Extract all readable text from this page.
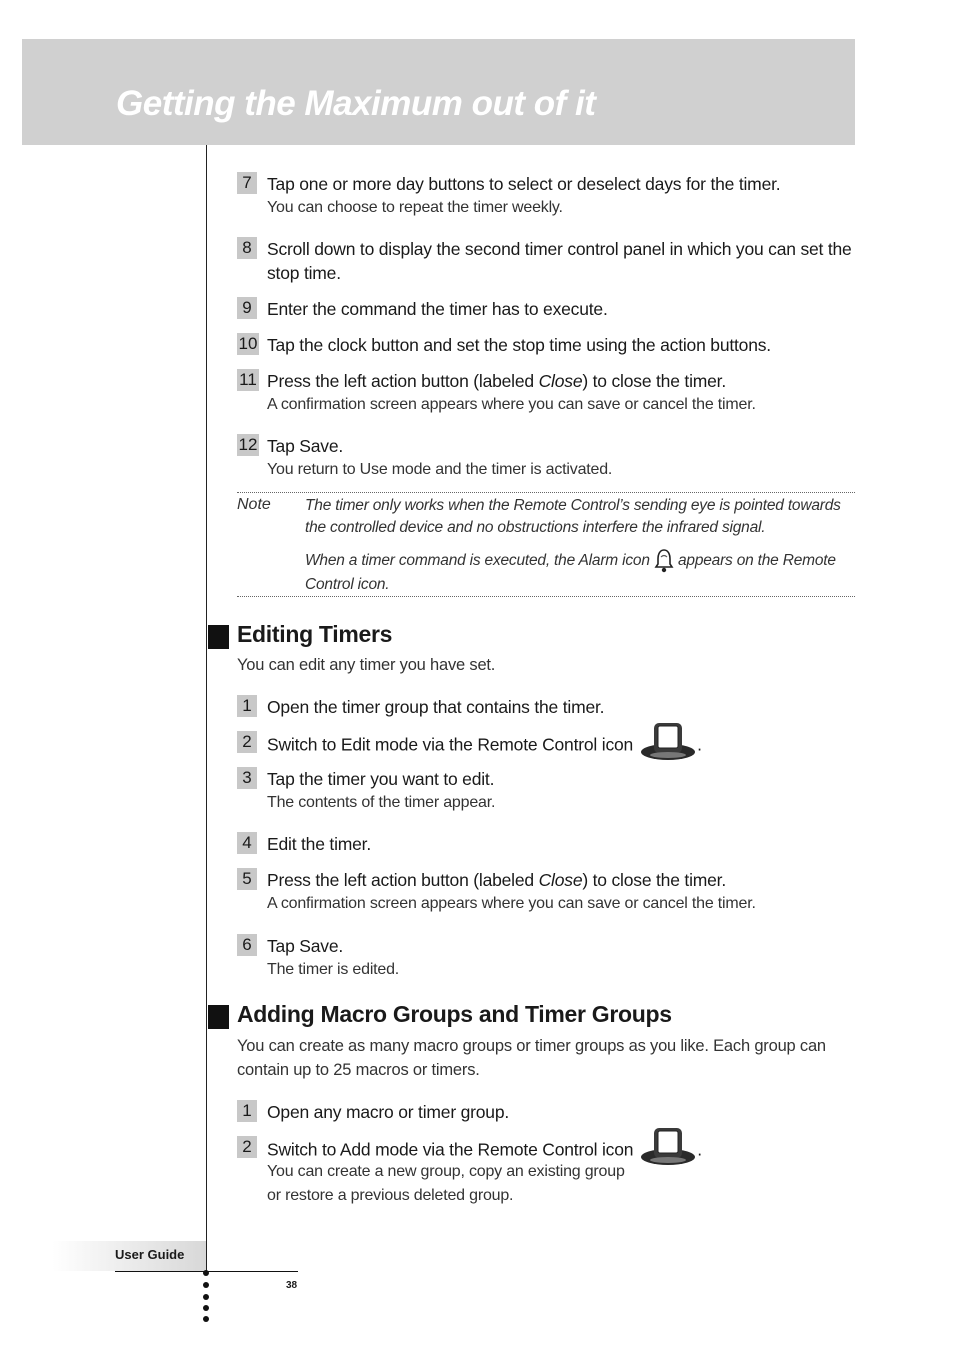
Getting the Maximum out of it
7 Tap one or more day buttons to select or deselect days for the timer.
You can choose to repeat the timer weekly.
8 Scroll down to display the second timer control panel in which you can set the stop time.
9 Enter the command the timer has to execute.
10 Tap the clock button and set the stop time using the action buttons.
11 Press the left action button (labeled Close) to close the timer.
A confirmation screen appears where you can save or cancel the timer.
12 Tap Save.
You return to Use mode and the timer is activated.
Note The timer only works when the Remote Control’s sending eye is pointed towards the controlled device and no obstructions interfere the infrared signal.
When a timer command is executed, the Alarm icon appears on the Remote Control icon.
Editing Timers
You can edit any timer you have set.
1 Open the timer group that contains the timer.
2 Switch to Edit mode via the Remote Control icon	.
3 Tap the timer you want to edit.
The contents of the timer appear.
4 Edit the timer.
5 Press the left action button (labeled Close) to close the timer.
A confirmation screen appears where you can save or cancel the timer.
6 Tap Save.
The timer is edited.
Adding Macro Groups and Timer Groups
You can create as many macro groups or timer groups as you like. Each group can contain up to 25 macros or timers.
1 Open any macro or timer group.
2 Switch to Add mode via the Remote Control icon	.
You can create a new group, copy an existing group
or restore a previous deleted group.
User Guide
38
